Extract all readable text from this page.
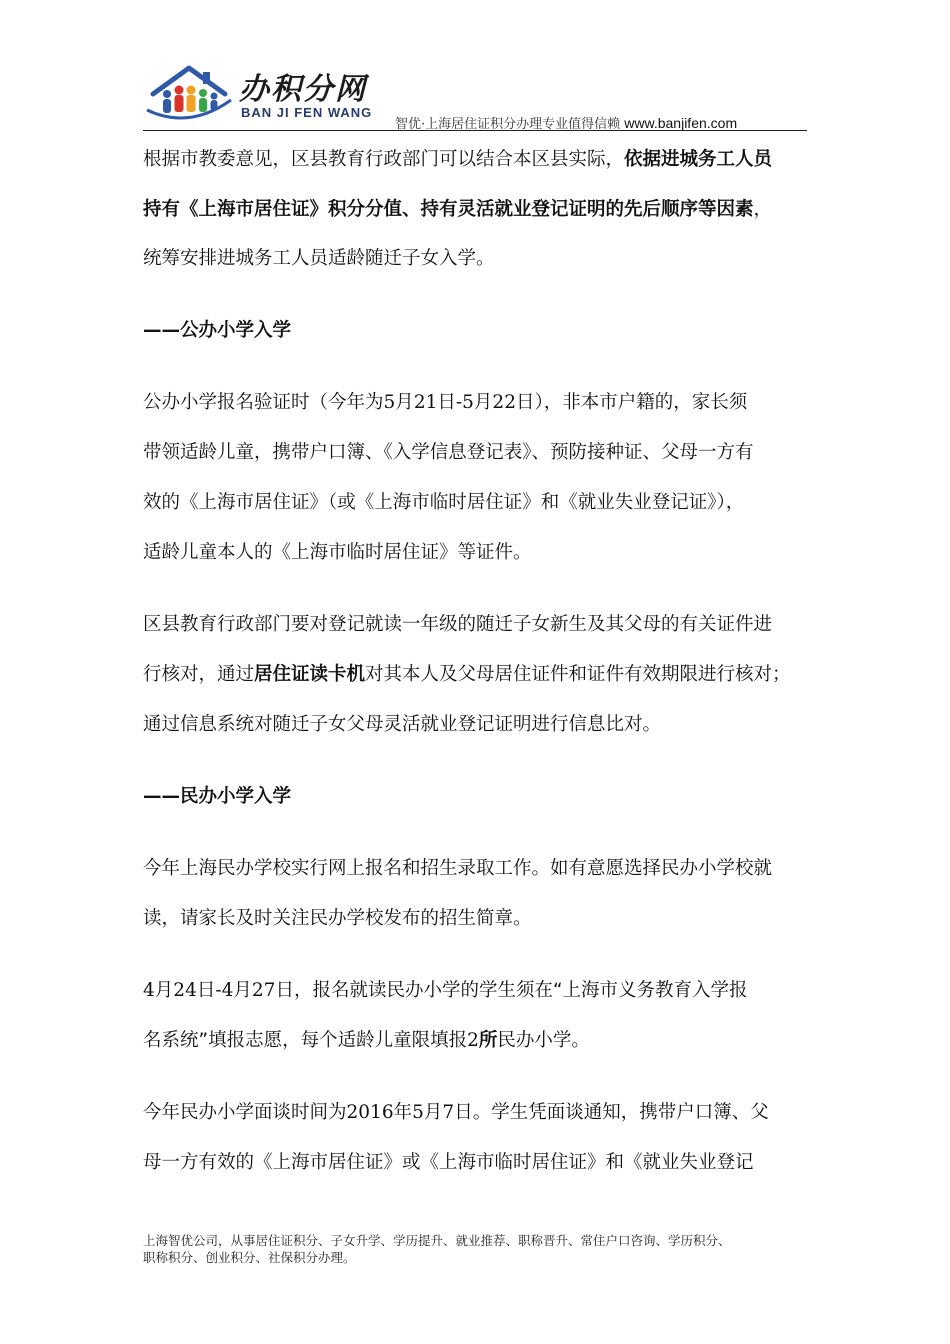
办积分网
BAN JI FEN WANG
智优·上海居住证积分办理专业值得信赖 www.banjifen.com
根据市教委意见，区县教育行政部门可以结合本区县实际，依据进城务工人员
持有《上海市居住证》积分分值、持有灵活就业登记证明的先后顺序等因素，
统筹安排进城务工人员适龄随迁子女入学。
——公办小学入学
公办小学报名验证时（今年为5月21日-5月22日），非本市户籍的，家长须
带领适龄儿童，携带户口簿、《入学信息登记表》、预防接种证、父母一方有
效的《上海市居住证》（或《上海市临时居住证》和《就业失业登记证》），
适龄儿童本人的《上海市临时居住证》等证件。
区县教育行政部门要对登记就读一年级的随迁子女新生及其父母的有关证件进
行核对，通过居住证读卡机对其本人及父母居住证件和证件有效期限进行核对；
通过信息系统对随迁子女父母灵活就业登记证明进行信息比对。
——民办小学入学
今年上海民办学校实行网上报名和招生录取工作。如有意愿选择民办小学校就
读，请家长及时关注民办学校发布的招生简章。
4月24日-4月27日，报名就读民办小学的学生须在“上海市义务教育入学报
名系统”填报志愿，每个适龄儿童限填报2所民办小学。
今年民办小学面谈时间为2016年5月7日。学生凭面谈通知，携带户口簿、父
母一方有效的《上海市居住证》或《上海市临时居住证》和《就业失业登记
上海智优公司，从事居住证积分、子女升学、学历提升、就业推荐、职称晋升、常住户口咨询、学历积分、
职称积分、创业积分、社保积分办理。
